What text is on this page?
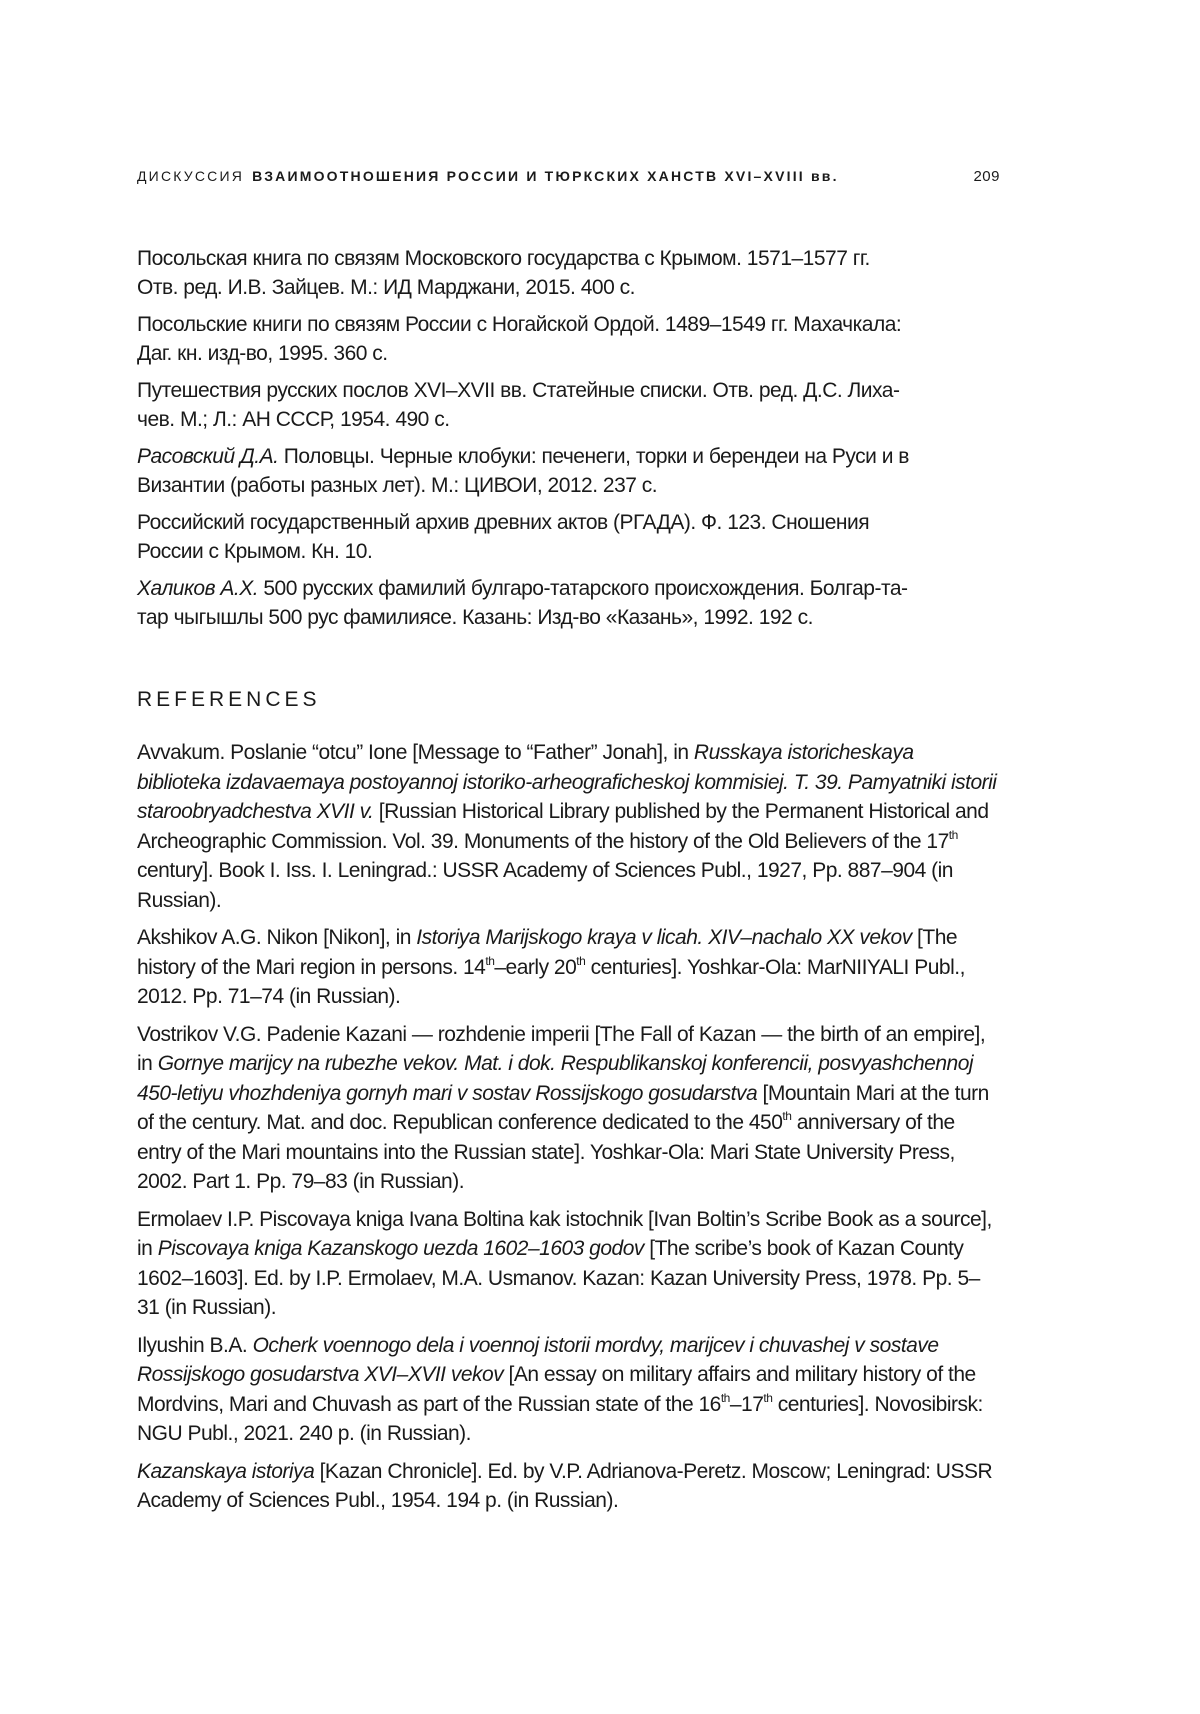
ДИСКУССИЯ ВЗАИМООТНОШЕНИЯ РОССИИ И ТЮРКСКИХ ХАНСТВ XVI–XVIII вв.	209

Посольская книга по связям Московского государства с Крымом. 1571–1577 гг.
Отв. ред. И.В. Зайцев. М.: ИД Марджани, 2015. 400 с.

Посольские книги по связям России с Ногайской Ордой. 1489–1549 гг. Махачкала:
Даг. кн. изд-во, 1995. 360 с.

Путешествия русских послов XVI–XVII вв. Статейные списки. Отв. ред. Д.С. Лиха-
чев. М.; Л.: АН СССР, 1954. 490 с.

Расовский Д.А. Половцы. Черные клобуки: печенеги, торки и берендеи на Руси и в
Византии (работы разных лет). М.: ЦИВОИ, 2012. 237 с.

Российский государственный архив древних актов (РГАДА). Ф. 123. Сношения
России с Крымом. Кн. 10.

Халиков А.Х. 500 русских фамилий булгаро-татарского происхождения. Болгар-та-
тар чыгышлы 500 рус фамилиясе. Казань: Изд-во «Казань», 1992. 192 с.

REFERENCES

Avvakum. Poslanie “otcu” Ione [Message to “Father” Jonah], in Russkaya istoricheskaya biblioteka izdavaemaya postoyannoj istoriko-arheograficheskoj kommisiej. T. 39. Pamyatniki istorii staroobryadchestva XVII v. [Russian Historical Library published by the Permanent Historical and Archeographic Commission. Vol. 39. Monuments of the history of the Old Believers of the 17th century]. Book I. Iss. I. Leningrad.: USSR Academy of Sciences Publ., 1927, Pp. 887–904 (in Russian).

Akshikov A.G. Nikon [Nikon], in Istoriya Marijskogo kraya v licah. XIV–nachalo XX vekov [The history of the Mari region in persons. 14th–early 20th centuries]. Yoshkar-Ola: MarNIIYALI Publ., 2012. Pp. 71–74 (in Russian).

Vostrikov V.G. Padenie Kazani — rozhdenie imperii [The Fall of Kazan — the birth of an empire], in Gornye marijcy na rubezhe vekov. Mat. i dok. Respublikanskoj konferencii, posvyashchennoj 450-letiyu vhozhdeniya gornyh mari v sostav Rossijskogo gosudarstva [Mountain Mari at the turn of the century. Mat. and doc. Republican conference dedicated to the 450th anniversary of the entry of the Mari mountains into the Russian state]. Yoshkar-Ola: Mari State University Press, 2002. Part 1. Pp. 79–83 (in Russian).

Ermolaev I.P. Piscovaya kniga Ivana Boltina kak istochnik [Ivan Boltin’s Scribe Book as a source], in Piscovaya kniga Kazanskogo uezda 1602–1603 godov [The scribe’s book of Kazan County 1602–1603]. Ed. by I.P. Ermolaev, M.A. Usmanov. Kazan: Kazan University Press, 1978. Pp. 5–31 (in Russian).

Ilyushin B.A. Ocherk voennogo dela i voennoj istorii mordvy, marijcev i chuvashej v sostave Rossijskogo gosudarstva XVI–XVII vekov [An essay on military affairs and military history of the Mordvins, Mari and Chuvash as part of the Russian state of the 16th–17th centuries]. Novosibirsk: NGU Publ., 2021. 240 p. (in Russian).

Kazanskaya istoriya [Kazan Chronicle]. Ed. by V.P. Adrianova-Peretz. Moscow; Leningrad: USSR Academy of Sciences Publ., 1954. 194 p. (in Russian).
